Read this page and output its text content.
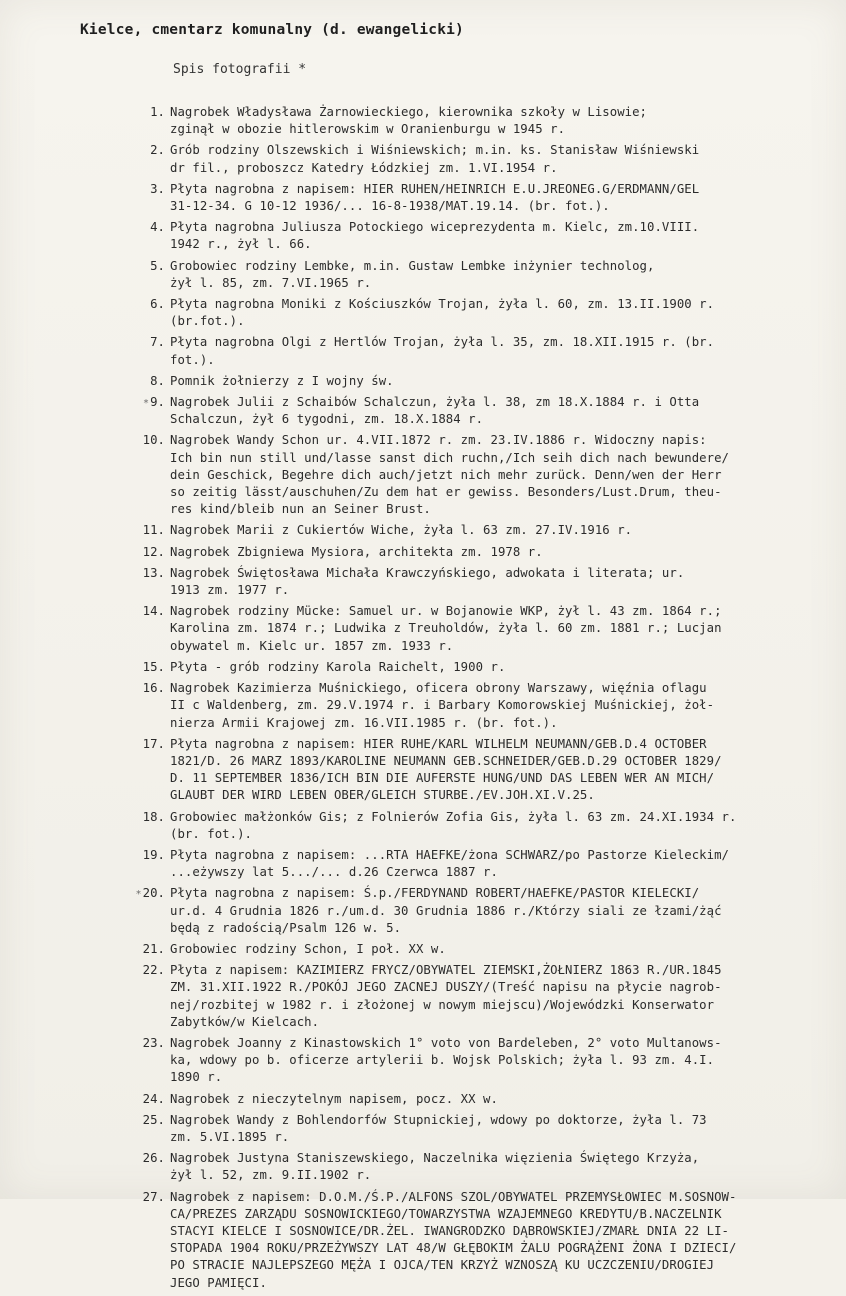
Kielce, cmentarz komunalny (d. ewangelicki)
Spis fotografii *
1. Nagrobek Władysława Żarnowieckiego, kierownika szkoły w Lisowie;
zginął w obozie hitlerowskim w Oranienburgu w 1945 r.
2. Grób rodziny Olszewskich i Wiśniewskich; m.in. ks. Stanisław Wiśniewski
dr fil., proboszcz Katedry Łódzkiej zm. 1.VI.1954 r.
3. Płyta nagrobna z napisem: HIER RUHEN/HEINRICH E.U.JREONEG.G/ERDMANN/GEL
31-12-34. G 10-12 1936/... 16-8-1938/MAT.19.14. (br. fot.).
4. Płyta nagrobna Juliusza Potockiego wiceprezydenta m. Kielc, zm.10.VIII.
1942 r., żył l. 66.
5. Grobowiec rodziny Lembke, m.in. Gustaw Lembke inżynier technolog,
żył l. 85, zm. 7.VI.1965 r.
6. Płyta nagrobna Moniki z Kościuszków Trojan, żyła l. 60, zm. 13.II.1900 r.
(br.fot.).
7. Płyta nagrobna Olgi z Hertlów Trojan, żyła l. 35, zm. 18.XII.1915 r. (br.
fot.).
8. Pomnik żołnierzy z I wojny św.
*9. Nagrobek Julii z Schaibów Schalczun, żyła l. 38, zm 18.X.1884 r. i Otta
Schalczun, żył 6 tygodni, zm. 18.X.1884 r.
10. Nagrobek Wandy Schon ur. 4.VII.1872 r. zm. 23.IV.1886 r. Widoczny napis:
Ich bin nun still und/lasse sanst dich ruchn,/Ich seih dich nach bewundere/
dein Geschick, Begehre dich auch/jetzt nich mehr zurück. Denn/wen der Herr
so zeitig lässt/auschuhen/Zu dem hat er gewiss. Besonders/Lust.Drum, theu-
res kind/bleib nun an Seiner Brust.
11. Nagrobek Marii z Cukiertów Wiche, żyła l. 63 zm. 27.IV.1916 r.
12. Nagrobek Zbigniewa Mysiora, architekta zm. 1978 r.
13. Nagrobek Świętosława Michała Krawczyńskiego, adwokata i literata; ur.
1913 zm. 1977 r.
14. Nagrobek rodziny Mücke: Samuel ur. w Bojanowie WKP, żył l. 43 zm. 1864 r.;
Karolina zm. 1874 r.; Ludwika z Treuholdów, żyła l. 60 zm. 1881 r.; Lucjan
obywatel m. Kielc ur. 1857 zm. 1933 r.
15. Płyta - grób rodziny Karola Raichelt, 1900 r.
16. Nagrobek Kazimierza Muśnickiego, oficera obrony Warszawy, więźnia oflagu
II c Waldenberg, zm. 29.V.1974 r. i Barbary Komorowskiej Muśnickiej, żoł-
nierza Armii Krajowej zm. 16.VII.1985 r. (br. fot.).
17. Płyta nagrobna z napisem: HIER RUHE/KARL WILHELM NEUMANN/GEB.D.4 OCTOBER
1821/D. 26 MARZ 1893/KAROLINE NEUMANN GEB.SCHNEIDER/GEB.D.29 OCTOBER 1829/
D. 11 SEPTEMBER 1836/ICH BIN DIE AUFERSTE HUNG/UND DAS LEBEN WER AN MICH/
GLAUBT DER WIRD LEBEN OBER/GLEICH STURBE./EV.JOH.XI.V.25.
18. Grobowiec małżonków Gis; z Folnierów Zofia Gis, żyła l. 63 zm. 24.XI.1934 r.
(br. fot.).
19. Płyta nagrobna z napisem: ...RTA HAEFKE/żona SCHWARZ/po Pastorze Kieleckim/
...eżywszy lat 5.../... d.26 Czerwca 1887 r.
*20. Płyta nagrobna z napisem: Ś.p./FERDYNAND ROBERT/HAEFKE/PASTOR KIELECKI/
ur.d. 4 Grudnia 1826 r./um.d. 30 Grudnia 1886 r./Którzy siali ze łzami/żąć
będą z radością/Psalm 126 w. 5.
21. Grobowiec rodziny Schon, I poł. XX w.
22. Płyta z napisem: KAZIMIERZ FRYCZ/OBYWATEL ZIEMSKI,ŻOŁNIERZ 1863 R./UR.1845
ZM. 31.XII.1922 R./POKÓJ JEGO ZACNEJ DUSZY/(Treść napisu na płycie nagrob-
nej/rozbitej w 1982 r. i złożonej w nowym miejscu)/Wojewódzki Konserwator
Zabytków/w Kielcach.
23. Nagrobek Joanny z Kinastowskich 1° voto von Bardeleben, 2° voto Multanows-
ka, wdowy po b. oficerze artylerii b. Wojsk Polskich; żyła l. 93 zm. 4.I.
1890 r.
24. Nagrobek z nieczytelnym napisem, pocz. XX w.
25. Nagrobek Wandy z Bohlendorfów Stupnickiej, wdowy po doktorze, żyła l. 73
zm. 5.VI.1895 r.
26. Nagrobek Justyna Staniszewskiego, Naczelnika więzienia Świętego Krzyża,
żył l. 52, zm. 9.II.1902 r.
27. Nagrobek z napisem: D.O.M./Ś.P./ALFONS SZOL/OBYWATEL PRZEMYSŁOWIEC M.SOSNOW-
CA/PREZES ZARZĄDU SOSNOWICKIEGO/TOWARZYSTWA WZAJEMNEGO KREDYTU/B.NACZELNIK
STACYI KIELCE I SOSNOWICE/DR.ŻEL. IWANGRODZKO DĄBROWSKIEJ/ZMARŁ DNIA 22 LI-
STOPADA 1904 ROKU/PRZEŻYWSZY LAT 48/W GŁĘBOKIM ŻALU POGRĄŻENI ŻONA I DZIECI/
PO STRACIE NAJLEPSZEGO MĘŻA I OJCA/TEN KRZYŻ WZNOSZĄ KU UCZCZENIU/DROGIEJ
JEGO PAMIĘCI.
